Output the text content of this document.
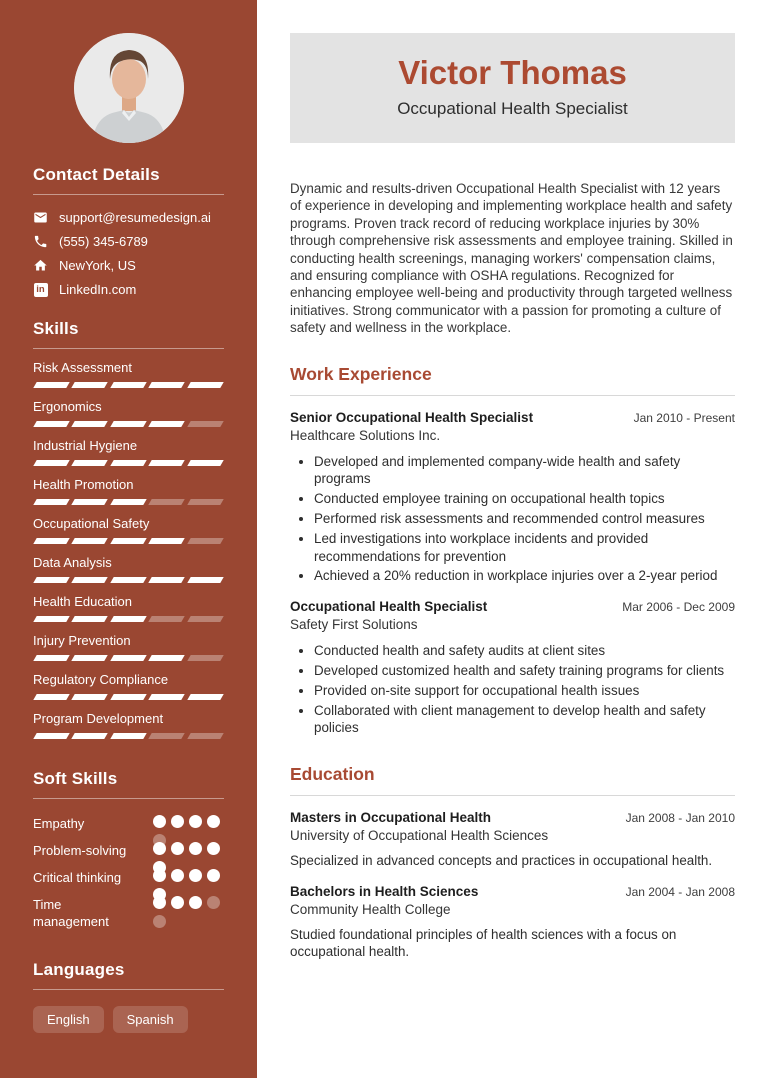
Contact Details
support@resumedesign.ai
(555) 345-6789
NewYork, US
in LinkedIn.com
Skills
Risk Assessment
Ergonomics
Industrial Hygiene
Health Promotion
Occupational Safety
Data Analysis
Health Education
Injury Prevention
Regulatory Compliance
Program Development
Soft Skills
Empathy
Problem-solving
Critical thinking
Time management
Languages
English	Spanish
Victor Thomas
Occupational Health Specialist

Dynamic and results-driven Occupational Health Specialist with 12 years of experience in developing and implementing workplace health and safety programs. Proven track record of reducing workplace injuries by 30% through comprehensive risk assessments and employee training. Skilled in conducting health screenings, managing workers' compensation claims, and ensuring compliance with OSHA regulations. Recognized for enhancing employee well-being and productivity through targeted wellness initiatives. Strong communicator with a passion for promoting a culture of safety and wellness in the workplace.

Work Experience
Senior Occupational Health Specialist	Jan 2010 - Present
Healthcare Solutions Inc.
• Developed and implemented company-wide health and safety programs
• Conducted employee training on occupational health topics
• Performed risk assessments and recommended control measures
• Led investigations into workplace incidents and provided recommendations for prevention
• Achieved a 20% reduction in workplace injuries over a 2-year period
Occupational Health Specialist	Mar 2006 - Dec 2009
Safety First Solutions
• Conducted health and safety audits at client sites
• Developed customized health and safety training programs for clients
• Provided on-site support for occupational health issues
• Collaborated with client management to develop health and safety policies
Education
Masters in Occupational Health	Jan 2008 - Jan 2010
University of Occupational Health Sciences

Specialized in advanced concepts and practices in occupational health.

Bachelors in Health Sciences	Jan 2004 - Jan 2008
Community Health College

Studied foundational principles of health sciences with a focus on occupational health.
